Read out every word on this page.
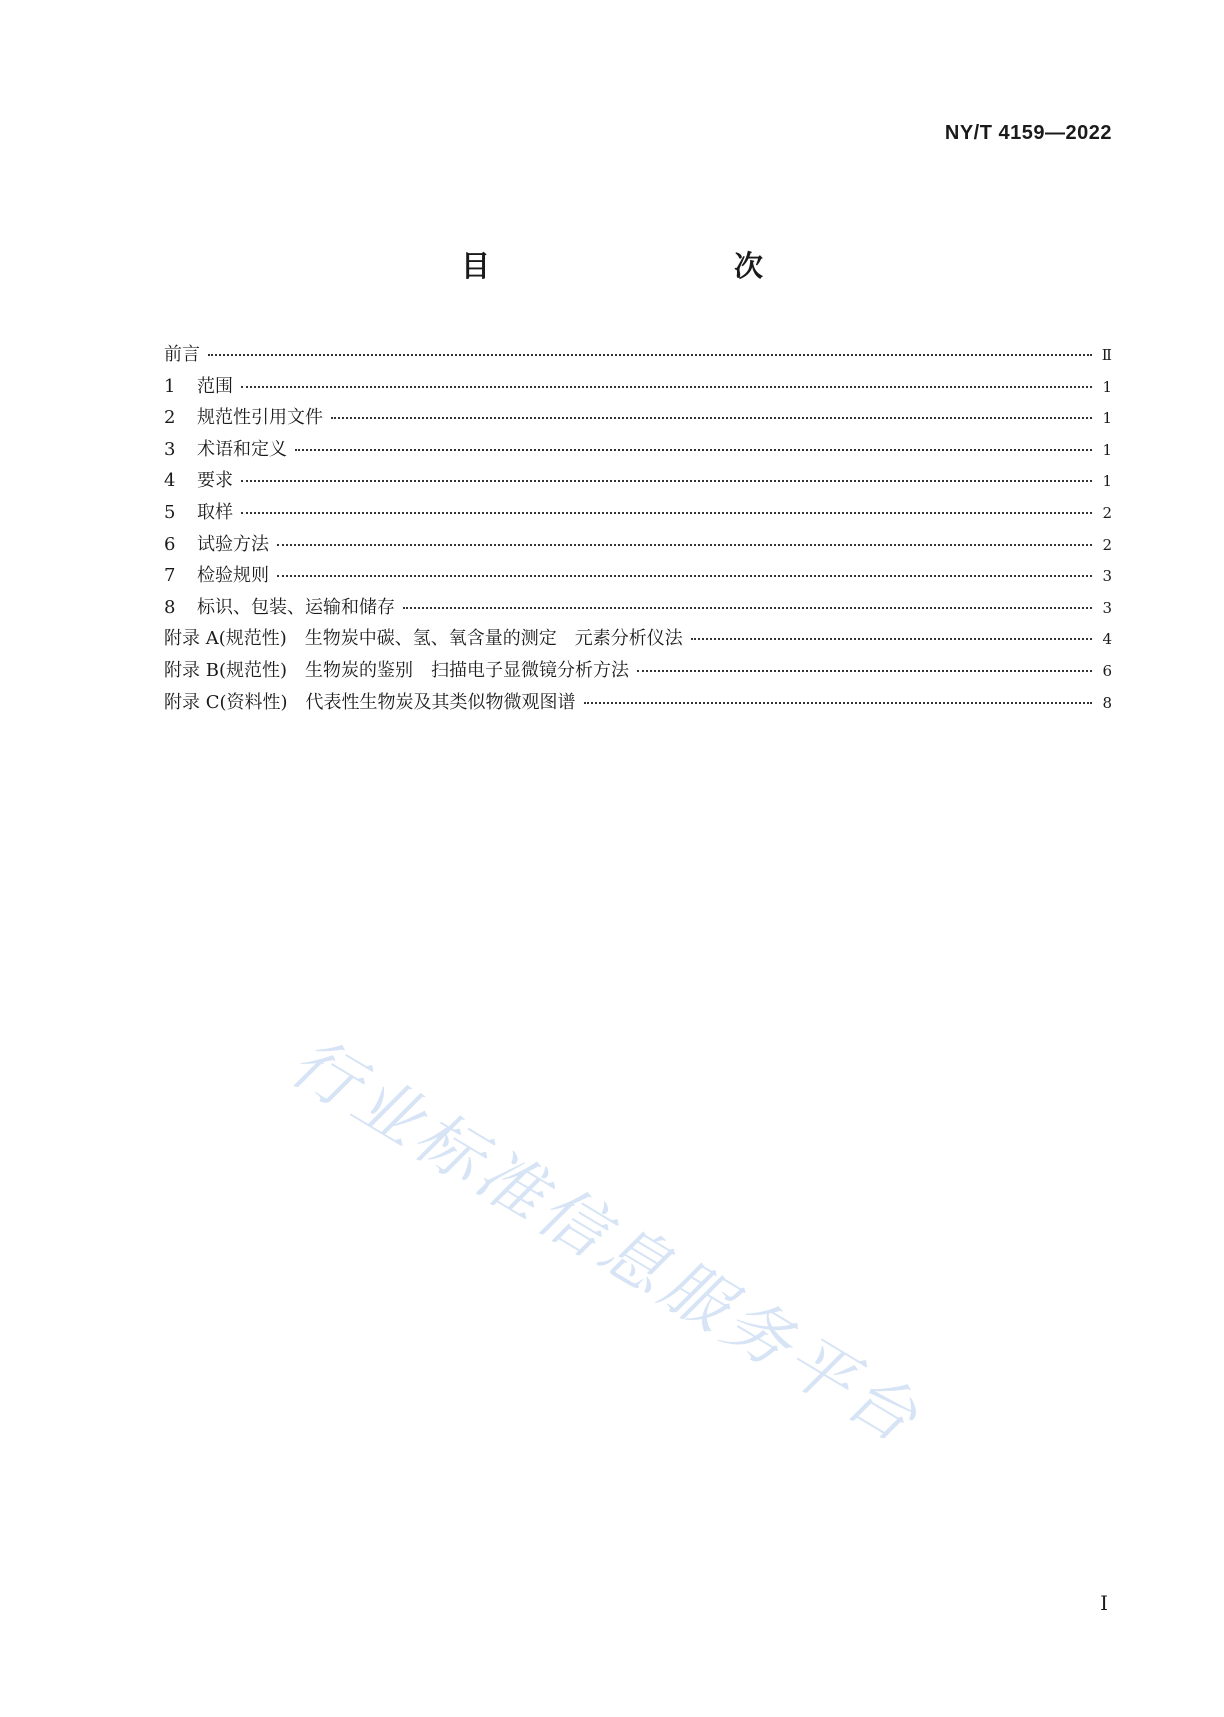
NY/T 4159—2022
目　　次
前言	Ⅱ
1	范围	1
2	规范性引用文件	1
3	术语和定义	1
4	要求	1
5	取样	2
6	试验方法	2
7	检验规则	3
8	标识、包装、运输和储存	3
附录 A(规范性)　生物炭中碳、氢、氧含量的测定　元素分析仪法	4
附录 B(规范性)　生物炭的鉴别　扫描电子显微镜分析方法	6
附录 C(资料性)　代表性生物炭及其类似物微观图谱	8
行业标准信息服务平台
Ⅰ
